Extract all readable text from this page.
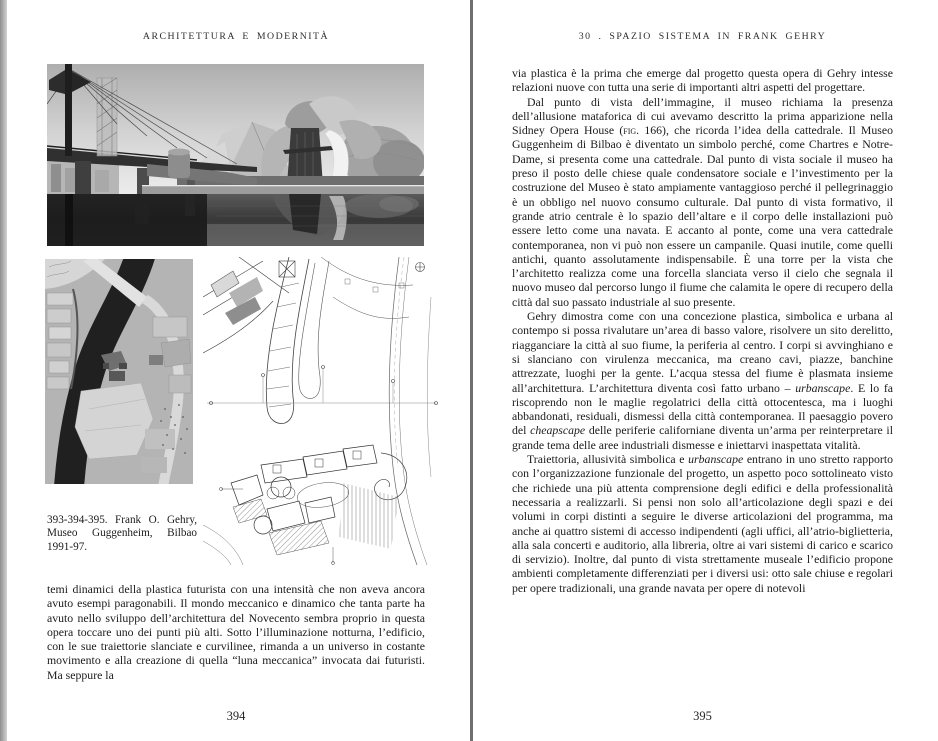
ARCHITETTURA E MODERNITÀ
393-394-395. Frank O. Gehry, Museo Guggenheim, Bilbao 1991-97.

temi dinamici della plastica futurista con una intensità che non aveva ancora avuto esempi paragonabili. Il mondo meccanico e dinamico che tanta parte ha avuto nello sviluppo dell’architettura del Novecento sembra proprio in questa opera toccare uno dei punti più alti. Sotto l’illuminazione notturna, l’edificio, con le sue traiettorie slanciate e curvilinee, rimanda a un universo in costante movimento e alla creazione di quella “luna meccanica” invocata dai futuristi. Ma seppure la

394
30 . SPAZIO SISTEMA IN FRANK GEHRY

via plastica è la prima che emerge dal progetto questa opera di Gehry intesse relazioni nuove con tutta una serie di importanti altri aspetti del progettare.

Dal punto di vista dell’immagine, il museo richiama la presenza dell’allusione mataforica di cui avevamo descritto la prima apparizione nella Sidney Opera House (fig. 166), che ricorda l’idea della cattedrale. Il Museo Guggenheim di Bilbao è diventato un simbolo perché, come Chartres e Notre-Dame, si presenta come una cattedrale. Dal punto di vista sociale il museo ha preso il posto delle chiese quale condensatore sociale e l’investimento per la costruzione del Museo è stato ampiamente vantaggioso perché il pellegrinaggio è un obbligo nel nuovo consumo culturale. Dal punto di vista formativo, il grande atrio centrale è lo spazio dell’altare e il corpo delle installazioni può essere letto come una navata. E accanto al ponte, come una vera cattedrale contemporanea, non vi può non essere un campanile. Quasi inutile, come quelli antichi, quanto assolutamente indispensabile. È una torre per la vista che l’architetto realizza come una forcella slanciata verso il cielo che segnala il nuovo museo dal percorso lungo il fiume che calamita le opere di recupero della città dal suo passato industriale al suo presente.

Gehry dimostra come con una concezione plastica, simbolica e urbana al contempo si possa rivalutare un’area di basso valore, risolvere un sito derelitto, riagganciare la città al suo fiume, la periferia al centro. I corpi si avvinghiano e si slanciano con virulenza meccanica, ma creano cavi, piazze, banchine attrezzate, luoghi per la gente. L’acqua stessa del fiume è plasmata insieme all’architettura. L’architettura diventa così fatto urbano – urbanscape. E lo fa riscoprendo non le maglie regolatrici della città ottocentesca, ma i luoghi abbandonati, residuali, dismessi della città contemporanea. Il paesaggio povero del cheapscape delle periferie californiane diventa un’arma per reinterpretare il grande tema delle aree industriali dismesse e iniettarvi inaspettata vitalità.

Traiettoria, allusività simbolica e urbanscape entrano in uno stretto rapporto con l’organizzazione funzionale del progetto, un aspetto poco sottolineato visto che richiede una più attenta comprensione degli edifici e della professionalità necessaria a realizzarli. Si pensi non solo all’articolazione degli spazi e dei volumi in corpi distinti a seguire le diverse articolazioni del programma, ma anche ai quattro sistemi di accesso indipendenti (agli uffici, all’atrio-biglietteria, alla sala concerti e auditorio, alla libreria, oltre ai vari sistemi di carico e scarico di servizio). Inoltre, dal punto di vista strettamente museale l’edificio propone ambienti completamente differenziati per i diversi usi: otto sale chiuse e regolari per opere tradizionali, una grande navata per opere di notevoli

395
